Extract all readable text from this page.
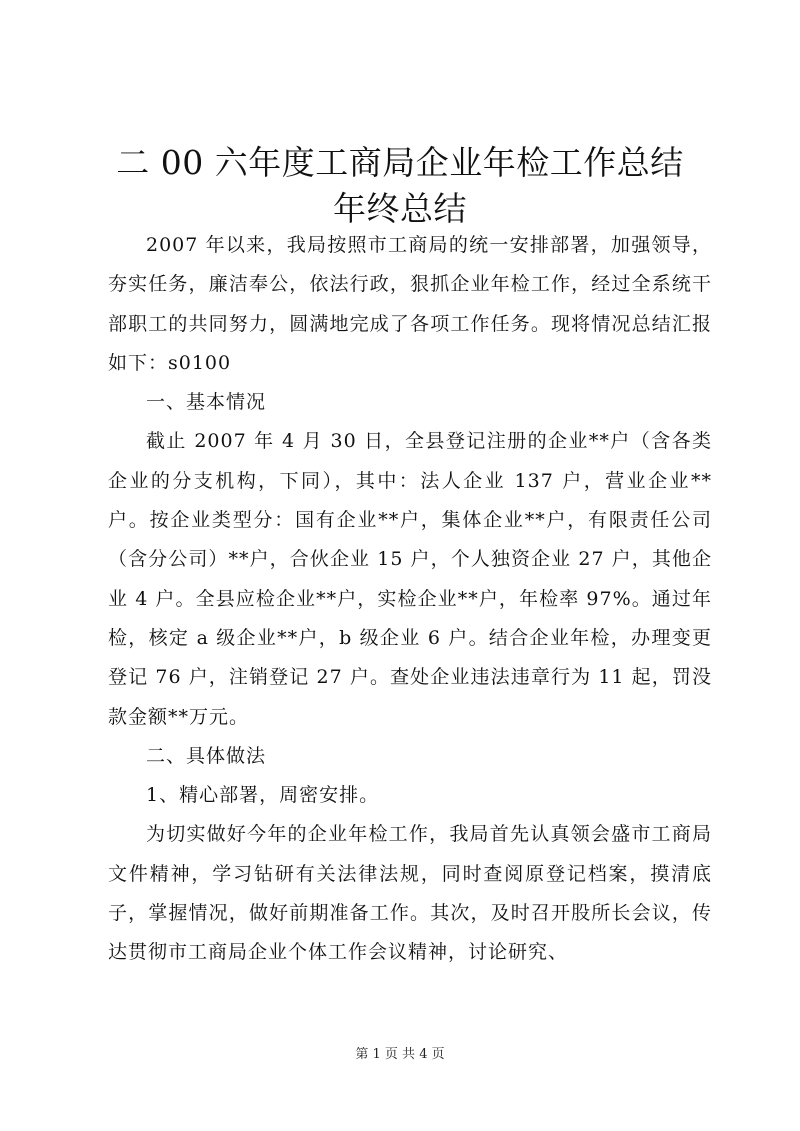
二 00 六年度工商局企业年检工作总结年终总结

2007 年以来，我局按照市工商局的统一安排部署，加强领导，夯实任务，廉洁奉公，依法行政，狠抓企业年检工作，经过全系统干部职工的共同努力，圆满地完成了各项工作任务。现将情况总结汇报如下：s0100

一、基本情况

截止 2007 年 4 月 30 日，全县登记注册的企业**户（含各类企业的分支机构，下同），其中：法人企业 137 户，营业企业**户。按企业类型分：国有企业**户，集体企业**户，有限责任公司（含分公司）**户，合伙企业 15 户，个人独资企业 27 户，其他企业 4 户。全县应检企业**户，实检企业**户，年检率 97%。通过年检，核定 a 级企业**户，b 级企业 6 户。结合企业年检，办理变更登记 76 户，注销登记 27 户。查处企业违法违章行为 11 起，罚没款金额**万元。

二、具体做法

1、精心部署，周密安排。

为切实做好今年的企业年检工作，我局首先认真领会盛市工商局文件精神，学习钻研有关法律法规，同时查阅原登记档案，摸清底子，掌握情况，做好前期准备工作。其次，及时召开股所长会议，传达贯彻市工商局企业个体工作会议精神，讨论研究、

第 1 页 共 4 页
